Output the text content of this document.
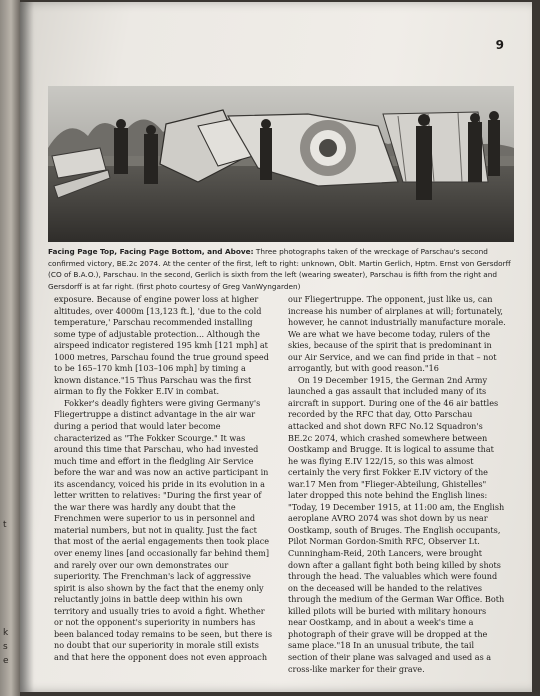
t
k
s
e
9
Facing Page Top, Facing Page Bottom, and Above: Three photographs taken of the wreckage of Parschau's second confirmed victory, BE.2c 2074. At the center of the first, left to right: unknown, Oblt. Martin Gerlich, Hptm. Ernst von Gersdorff (CO of B.A.O.), Parschau. In the second, Gerlich is sixth from the left (wearing sweater), Parschau is fifth from the right and Gersdorff is at far right. (first photo courtesy of Greg VanWyngarden)

exposure. Because of engine power loss at higher altitudes, over 4000m [13,123 ft.], 'due to the cold temperature,' Parschau recommended installing some type of adjustable protection... Although the airspeed indicator registered 195 kmh [121 mph] at 1000 metres, Parschau found the true ground speed to be 165–170 kmh [103–106 mph] by timing a known distance."15 Thus Parschau was the first airman to fly the Fokker E.IV in combat.

Fokker's deadly fighters were giving Germany's Fliegertruppe a distinct advantage in the air war during a period that would later become characterized as "The Fokker Scourge." It was around this time that Parschau, who had invested much time and effort in the fledgling Air Service before the war and was now an active participant in its ascendancy, voiced his pride in its evolution in a letter written to relatives: "During the first year of the war there was hardly any doubt that the Frenchmen were superior to us in personnel and material numbers, but not in quality. Just the fact that most of the aerial engagements then took place over enemy lines [and occasionally far behind them] and rarely over our own demonstrates our superiority. The Frenchman's lack of aggressive spirit is also shown by the fact that the enemy only reluctantly joins in battle deep within his own territory and usually tries to avoid a fight. Whether or not the opponent's superiority in numbers has been balanced today remains to be seen, but there is no doubt that our superiority in morale still exists and that here the opponent does not even approach

our Fliegertruppe. The opponent, just like us, can increase his number of airplanes at will; fortunately, however, he cannot industrially manufacture morale. We are what we have become today, rulers of the skies, because of the spirit that is predominant in our Air Service, and we can find pride in that – not arrogantly, but with good reason."16

On 19 December 1915, the German 2nd Army launched a gas assault that included many of its aircraft in support. During one of the 46 air battles recorded by the RFC that day, Otto Parschau attacked and shot down RFC No.12 Squadron's BE.2c 2074, which crashed somewhere between Oostkamp and Brugge. It is logical to assume that he was flying E.IV 122/15, so this was almost certainly the very first Fokker E.IV victory of the war.17 Men from "Flieger-Abteilung, Ghistelles" later dropped this note behind the English lines: "Today, 19 December 1915, at 11:00 am, the English aeroplane AVRO 2074 was shot down by us near Oostkamp, south of Bruges. The English occupants, Pilot Norman Gordon-Smith RFC, Observer Lt. Cunningham-Reid, 20th Lancers, were brought down after a gallant fight both being killed by shots through the head. The valuables which were found on the deceased will be handed to the relatives through the medium of the German War Office. Both killed pilots will be buried with military honours near Oostkamp, and in about a week's time a photograph of their grave will be dropped at the same place."18 In an unusual tribute, the tail section of their plane was salvaged and used as a cross-like marker for their grave.
